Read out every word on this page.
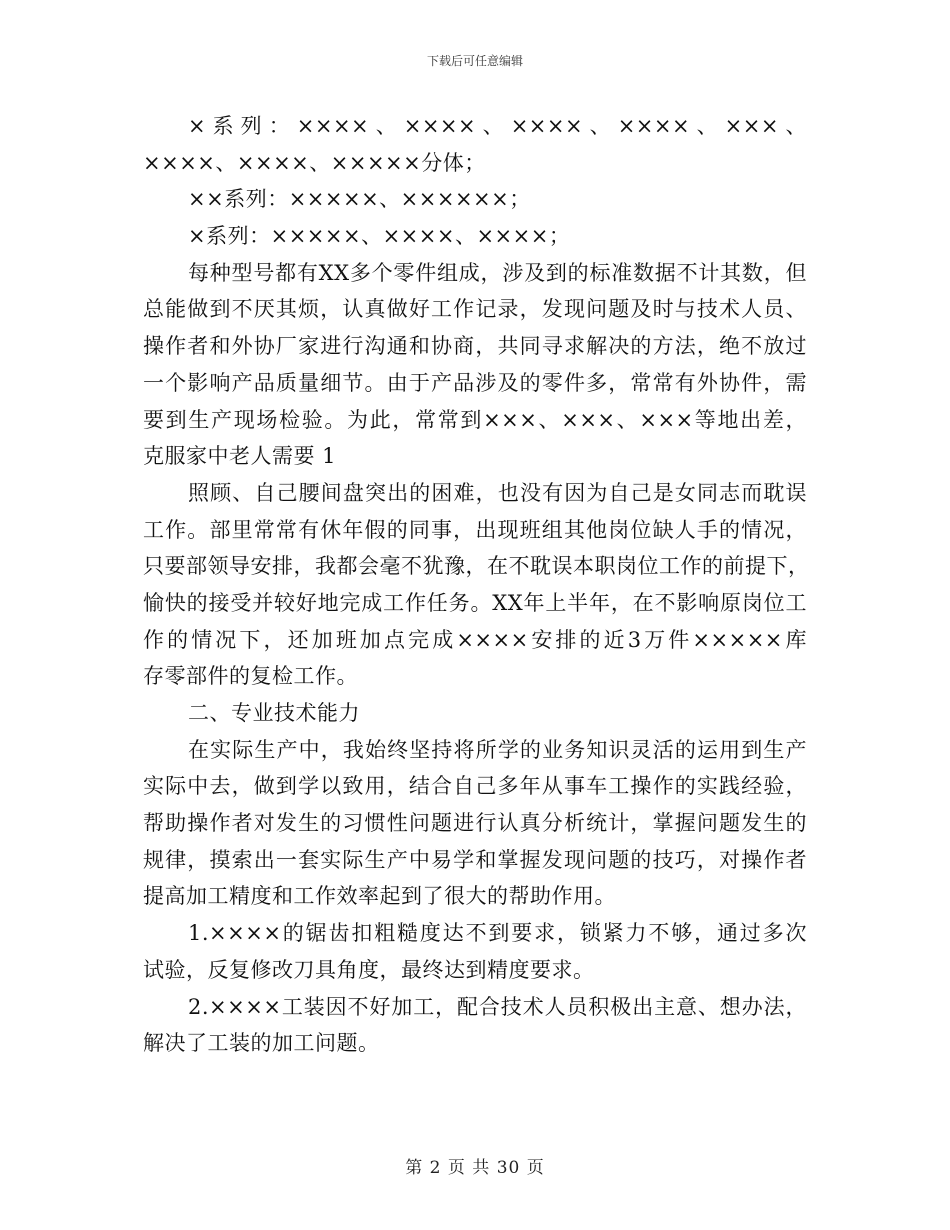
下载后可任意编辑
×系列：××××、××××、××××、××××、×××、
××××、××××、×××××分体；
××系列：×××××、××××××；
×系列：×××××、××××、××××；
每种型号都有XX多个零件组成，涉及到的标准数据不计其数，但
总能做到不厌其烦，认真做好工作记录，发现问题及时与技术人员、
操作者和外协厂家进行沟通和协商，共同寻求解决的方法，绝不放过
一个影响产品质量细节。由于产品涉及的零件多，常常有外协件，需
要到生产现场检验。为此，常常到×××、×××、×××等地出差，
克服家中老人需要 1
照顾、自己腰间盘突出的困难，也没有因为自己是女同志而耽误
工作。部里常常有休年假的同事，出现班组其他岗位缺人手的情况，
只要部领导安排，我都会毫不犹豫，在不耽误本职岗位工作的前提下，
愉快的接受并较好地完成工作任务。XX年上半年，在不影响原岗位工
作的情况下，还加班加点完成××××安排的近3万件×××××库
存零部件的复检工作。
二、专业技术能力
在实际生产中，我始终坚持将所学的业务知识灵活的运用到生产
实际中去，做到学以致用，结合自己多年从事车工操作的实践经验，
帮助操作者对发生的习惯性问题进行认真分析统计，掌握问题发生的
规律，摸索出一套实际生产中易学和掌握发现问题的技巧，对操作者
提高加工精度和工作效率起到了很大的帮助作用。
1.××××的锯齿扣粗糙度达不到要求，锁紧力不够，通过多次
试验，反复修改刀具角度，最终达到精度要求。
2.××××工装因不好加工，配合技术人员积极出主意、想办法，
解决了工装的加工问题。
第 2 页 共 30 页
